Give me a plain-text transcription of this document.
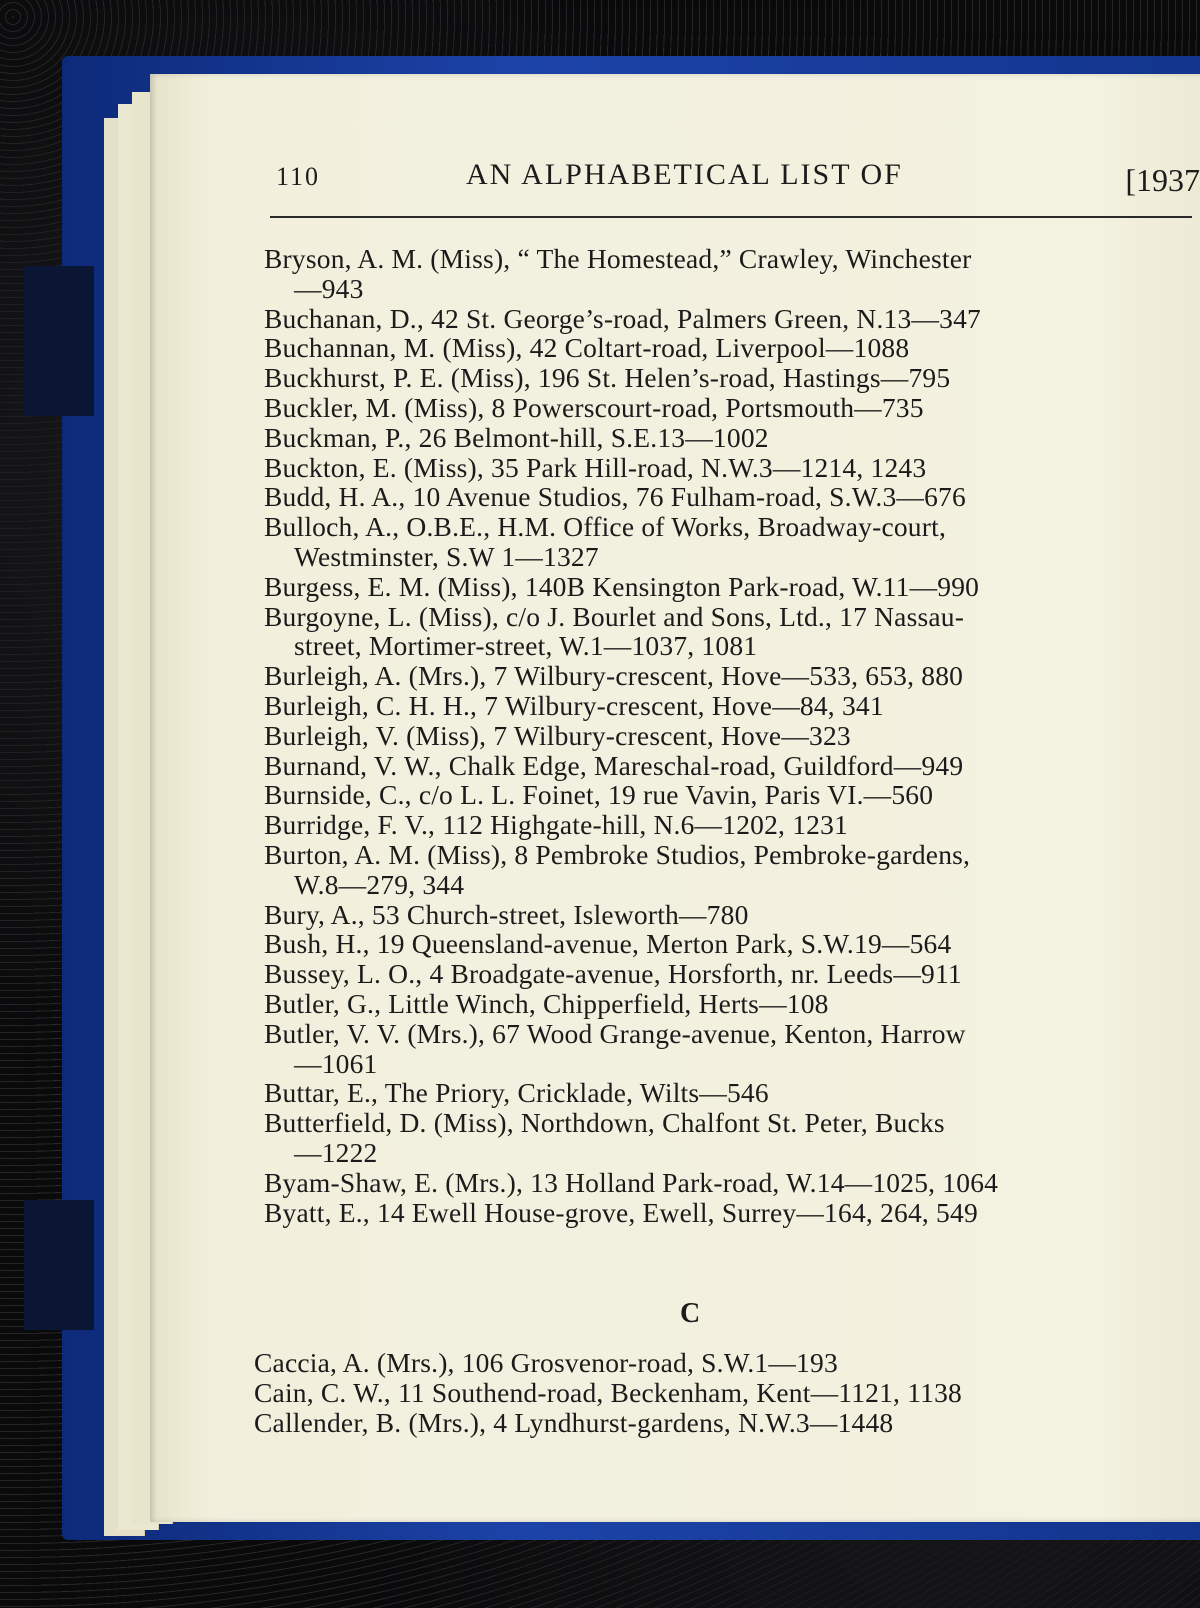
110	AN ALPHABETICAL LIST OF	[1937
Bryson, A. M. (Miss), “ The Homestead,” Crawley, Winchester
—943
Buchanan, D., 42 St. George’s-road, Palmers Green, N.13—347
Buchannan, M. (Miss), 42 Coltart-road, Liverpool—1088
Buckhurst, P. E. (Miss), 196 St. Helen’s-road, Hastings—795
Buckler, M. (Miss), 8 Powerscourt-road, Portsmouth—735
Buckman, P., 26 Belmont-hill, S.E.13—1002
Buckton, E. (Miss), 35 Park Hill-road, N.W.3—1214, 1243
Budd, H. A., 10 Avenue Studios, 76 Fulham-road, S.W.3—676
Bulloch, A., O.B.E., H.M. Office of Works, Broadway-court,
Westminster, S.W 1—1327
Burgess, E. M. (Miss), 140B Kensington Park-road, W.11—990
Burgoyne, L. (Miss), c/o J. Bourlet and Sons, Ltd., 17 Nassau-
street, Mortimer-street, W.1—1037, 1081
Burleigh, A. (Mrs.), 7 Wilbury-crescent, Hove—533, 653, 880
Burleigh, C. H. H., 7 Wilbury-crescent, Hove—84, 341
Burleigh, V. (Miss), 7 Wilbury-crescent, Hove—323
Burnand, V. W., Chalk Edge, Mareschal-road, Guildford—949
Burnside, C., c/o L. L. Foinet, 19 rue Vavin, Paris VI.—560
Burridge, F. V., 112 Highgate-hill, N.6—1202, 1231
Burton, A. M. (Miss), 8 Pembroke Studios, Pembroke-gardens,
W.8—279, 344
Bury, A., 53 Church-street, Isleworth—780
Bush, H., 19 Queensland-avenue, Merton Park, S.W.19—564
Bussey, L. O., 4 Broadgate-avenue, Horsforth, nr. Leeds—911
Butler, G., Little Winch, Chipperfield, Herts—108
Butler, V. V. (Mrs.), 67 Wood Grange-avenue, Kenton, Harrow
—1061
Buttar, E., The Priory, Cricklade, Wilts—546
Butterfield, D. (Miss), Northdown, Chalfont St. Peter, Bucks
—1222
Byam-Shaw, E. (Mrs.), 13 Holland Park-road, W.14—1025, 1064
Byatt, E., 14 Ewell House-grove, Ewell, Surrey—164, 264, 549
C
Caccia, A. (Mrs.), 106 Grosvenor-road, S.W.1—193
Cain, C. W., 11 Southend-road, Beckenham, Kent—1121, 1138
Callender, B. (Mrs.), 4 Lyndhurst-gardens, N.W.3—1448
